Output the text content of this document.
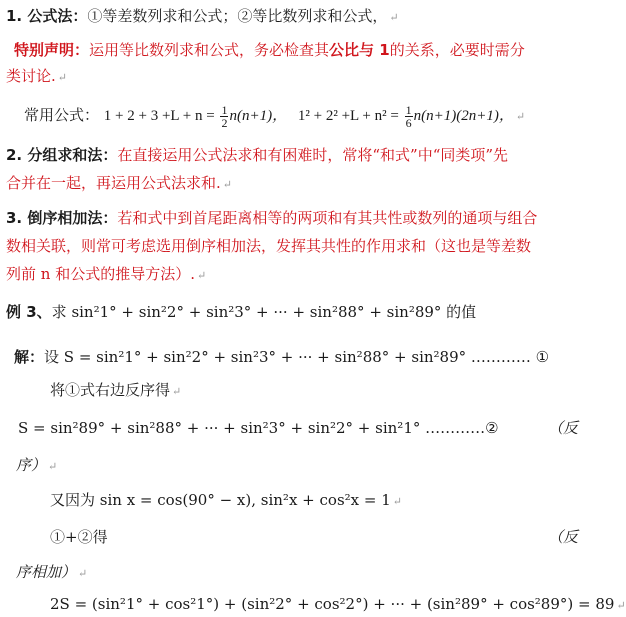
1. 公式法：①等差数列求和公式；②等比数列求和公式， ↵
特别声明：运用等比数列求和公式，务必检查其公比与 1的关系，必要时需分
类讨论. ↵
常用公式： $1 + 2 + 3 +L + n = \frac{1}{2} n(n+1)$， $1^2 + 2^2 +L + n^2 = \frac{1}{6} n(n+1)(2n+1)$， ↵
2. 分组求和法：在直接运用公式法求和有困难时，常将“和式”中“同类项”先
合并在一起，再运用公式法求和. ↵
3. 倒序相加法：若和式中到首尾距离相等的两项和有其共性或数列的通项与组合
数相关联，则常可考虑选用倒序相加法，发挥其共性的作用求和（这也是等差数
列前 n 和公式的推导方法）. ↵
例 3、求 sin²1° + sin²2° + sin²3° + ··· + sin²88° + sin²89° 的值
解：设 S = sin²1° + sin²2° + sin²3° + ··· + sin²88° + sin²89° ………… ①
将①式右边反序得 ↵
S = sin²89° + sin²88° + ··· + sin²3° + sin²2° + sin²1° …………②	（反
序） ↵
又因为 sin x = cos(90° − x), sin²x + cos²x = 1 ↵
①+②得	（反
序相加） ↵
2S = (sin²1° + cos²1°) + (sin²2° + cos²2°) + ··· + (sin²89° + cos²89°) = 89 ↵
